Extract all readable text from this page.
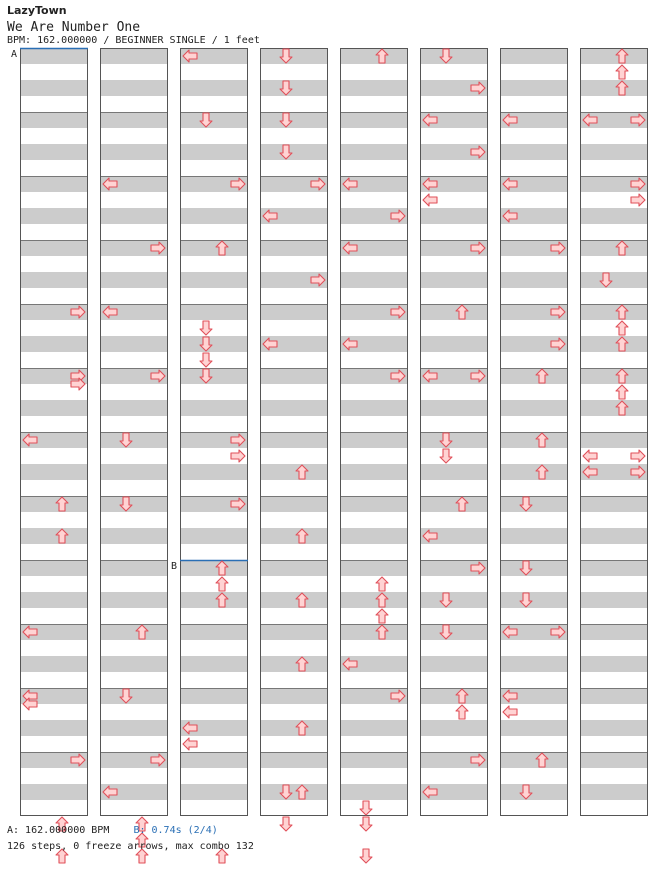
LazyTown
We Are Number One
BPM: 162.000000 / BEGINNER SINGLE / 1 feet
A
B
A: 162.000000 BPM B: 0.74s (2/4)
126 steps, 0 freeze arrows, max combo 132
